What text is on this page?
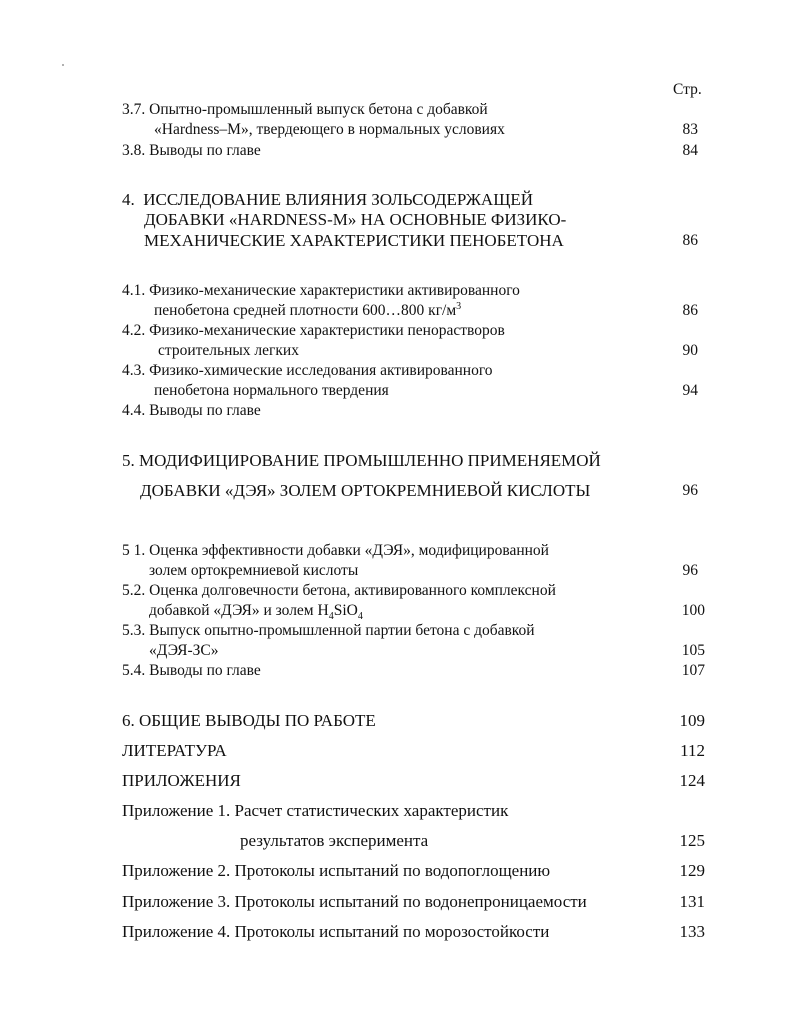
Стр.
3.7. Опытно-промышленный выпуск бетона с добавкой
«Hardness–M», твердеющего в нормальных условиях	83
3.8. Выводы по главе	84
4.  ИССЛЕДОВАНИЕ ВЛИЯНИЯ ЗОЛЬСОДЕРЖАЩЕЙ
ДОБАВКИ «HARDNESS-M» НА ОСНОВНЫЕ ФИЗИКО-
МЕХАНИЧЕСКИЕ ХАРАКТЕРИСТИКИ ПЕНОБЕТОНА	86
4.1. Физико-механические характеристики активированного
пенобетона средней плотности 600…800 $кг/м^3$	86
4.2. Физико-механические характеристики пенорастворов
строительных легких	90
4.3. Физико-химические исследования активированного
пенобетона нормального твердения	94
4.4. Выводы по главе
5. МОДИФИЦИРОВАНИЕ ПРОМЫШЛЕННО ПРИМЕНЯЕМОЙ
ДОБАВКИ «ДЭЯ» ЗОЛЕМ ОРТОКРЕМНИЕВОЙ КИСЛОТЫ	96
5 1. Оценка эффективности добавки «ДЭЯ», модифицированной
золем ортокремниевой кислоты	96
5.2. Оценка долговечности бетона, активированного комплексной
добавкой «ДЭЯ» и золем $H_4SiO_4$	100
5.3. Выпуск опытно-промышленной партии бетона с добавкой
«ДЭЯ-ЗС»	105
5.4. Выводы по главе	107
6. ОБЩИЕ ВЫВОДЫ ПО РАБОТЕ	109
ЛИТЕРАТУРА	112
ПРИЛОЖЕНИЯ	124
Приложение 1. Расчет статистических характеристик
результатов эксперимента	125
Приложение 2. Протоколы испытаний по водопоглощению	129
Приложение 3. Протоколы испытаний по водонепроницаемости	131
Приложение 4. Протоколы испытаний по морозостойкости	133
